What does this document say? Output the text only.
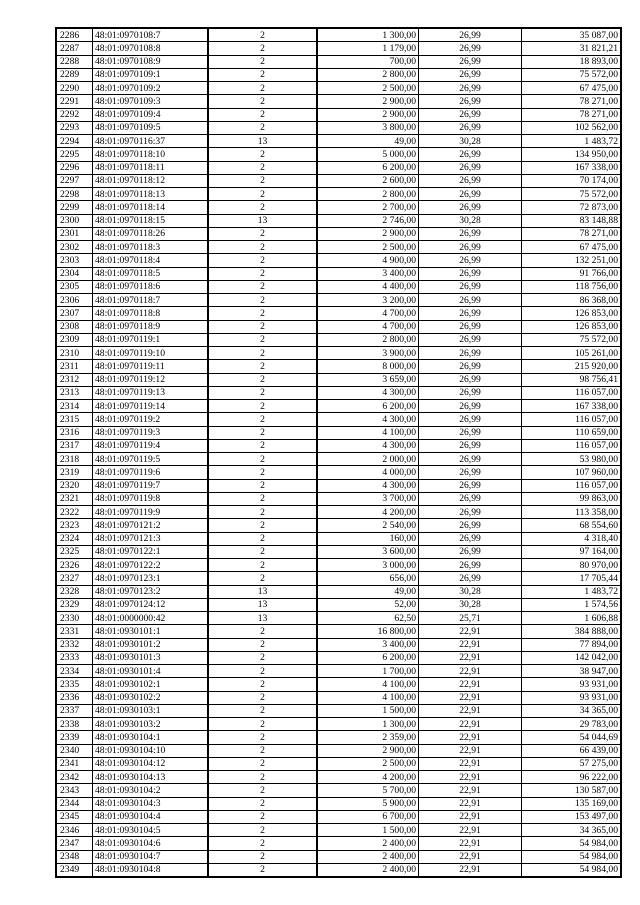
2286	48:01:0970108:7	2	1 300,00	26,99	35 087,00
2287	48:01:0970108:8	2	1 179,00	26,99	31 821,21
2288	48:01:0970108:9	2	700,00	26,99	18 893,00
2289	48:01:0970109:1	2	2 800,00	26,99	75 572,00
2290	48:01:0970109:2	2	2 500,00	26,99	67 475,00
2291	48:01:0970109:3	2	2 900,00	26,99	78 271,00
2292	48:01:0970109:4	2	2 900,00	26,99	78 271,00
2293	48:01:0970109:5	2	3 800,00	26,99	102 562,00
2294	48:01:0970116:37	13	49,00	30,28	1 483,72
2295	48:01:0970118:10	2	5 000,00	26,99	134 950,00
2296	48:01:0970118:11	2	6 200,00	26,99	167 338,00
2297	48:01:0970118:12	2	2 600,00	26,99	70 174,00
2298	48:01:0970118:13	2	2 800,00	26,99	75 572,00
2299	48:01:0970118:14	2	2 700,00	26,99	72 873,00
2300	48:01:0970118:15	13	2 746,00	30,28	83 148,88
2301	48:01:0970118:26	2	2 900,00	26,99	78 271,00
2302	48:01:0970118:3	2	2 500,00	26,99	67 475,00
2303	48:01:0970118:4	2	4 900,00	26,99	132 251,00
2304	48:01:0970118:5	2	3 400,00	26,99	91 766,00
2305	48:01:0970118:6	2	4 400,00	26,99	118 756,00
2306	48:01:0970118:7	2	3 200,00	26,99	86 368,00
2307	48:01:0970118:8	2	4 700,00	26,99	126 853,00
2308	48:01:0970118:9	2	4 700,00	26,99	126 853,00
2309	48:01:0970119:1	2	2 800,00	26,99	75 572,00
2310	48:01:0970119:10	2	3 900,00	26,99	105 261,00
2311	48:01:0970119:11	2	8 000,00	26,99	215 920,00
2312	48:01:0970119:12	2	3 659,00	26,99	98 756,41
2313	48:01:0970119:13	2	4 300,00	26,99	116 057,00
2314	48:01:0970119:14	2	6 200,00	26,99	167 338,00
2315	48:01:0970119:2	2	4 300,00	26,99	116 057,00
2316	48:01:0970119:3	2	4 100,00	26,99	110 659,00
2317	48:01:0970119:4	2	4 300,00	26,99	116 057,00
2318	48:01:0970119:5	2	2 000,00	26,99	53 980,00
2319	48:01:0970119:6	2	4 000,00	26,99	107 960,00
2320	48:01:0970119:7	2	4 300,00	26,99	116 057,00
2321	48:01:0970119:8	2	3 700,00	26,99	99 863,00
2322	48:01:0970119:9	2	4 200,00	26,99	113 358,00
2323	48:01:0970121:2	2	2 540,00	26,99	68 554,60
2324	48:01:0970121:3	2	160,00	26,99	4 318,40
2325	48:01:0970122:1	2	3 600,00	26,99	97 164,00
2326	48:01:0970122:2	2	3 000,00	26,99	80 970,00
2327	48:01:0970123:1	2	656,00	26,99	17 705,44
2328	48:01:0970123:2	13	49,00	30,28	1 483,72
2329	48:01:0970124:12	13	52,00	30,28	1 574,56
2330	48:01:0000000:42	13	62,50	25,71	1 606,88
2331	48:01:0930101:1	2	16 800,00	22,91	384 888,00
2332	48:01:0930101:2	2	3 400,00	22,91	77 894,00
2333	48:01:0930101:3	2	6 200,00	22,91	142 042,00
2334	48:01:0930101:4	2	1 700,00	22,91	38 947,00
2335	48:01:0930102:1	2	4 100,00	22,91	93 931,00
2336	48:01:0930102:2	2	4 100,00	22,91	93 931,00
2337	48:01:0930103:1	2	1 500,00	22,91	34 365,00
2338	48:01:0930103:2	2	1 300,00	22,91	29 783,00
2339	48:01:0930104:1	2	2 359,00	22,91	54 044,69
2340	48:01:0930104:10	2	2 900,00	22,91	66 439,00
2341	48:01:0930104:12	2	2 500,00	22,91	57 275,00
2342	48:01:0930104:13	2	4 200,00	22,91	96 222,00
2343	48:01:0930104:2	2	5 700,00	22,91	130 587,00
2344	48:01:0930104:3	2	5 900,00	22,91	135 169,00
2345	48:01:0930104:4	2	6 700,00	22,91	153 497,00
2346	48:01:0930104:5	2	1 500,00	22,91	34 365,00
2347	48:01:0930104:6	2	2 400,00	22,91	54 984,00
2348	48:01:0930104:7	2	2 400,00	22,91	54 984,00
2349	48:01:0930104:8	2	2 400,00	22,91	54 984,00
